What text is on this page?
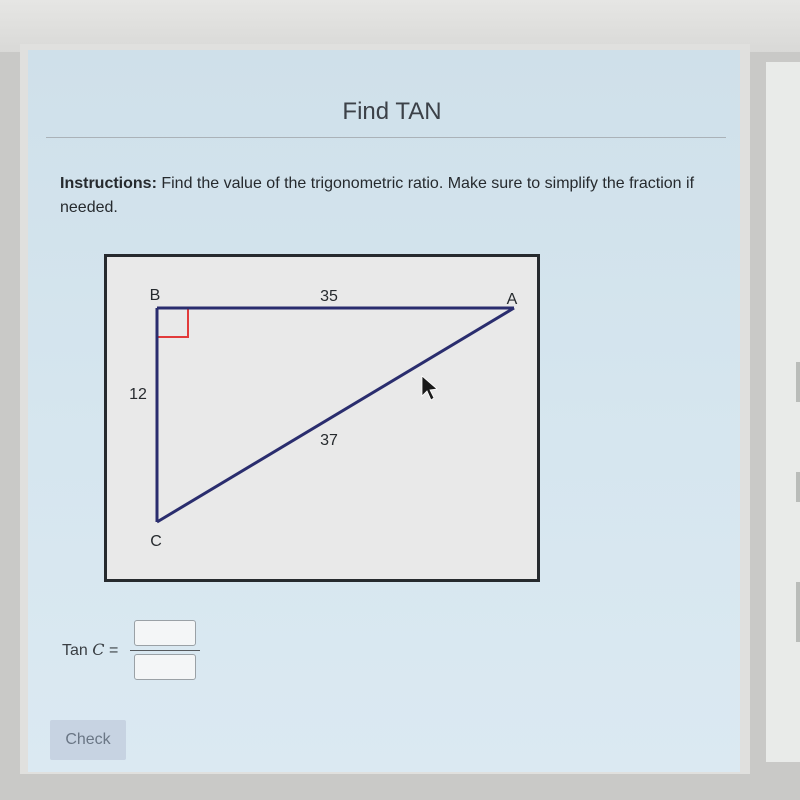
Find TAN
Instructions: Find the value of the trigonometric ratio. Make sure to simplify the fraction if needed.
B	A
C
35
12
37
Tan C =
Check
